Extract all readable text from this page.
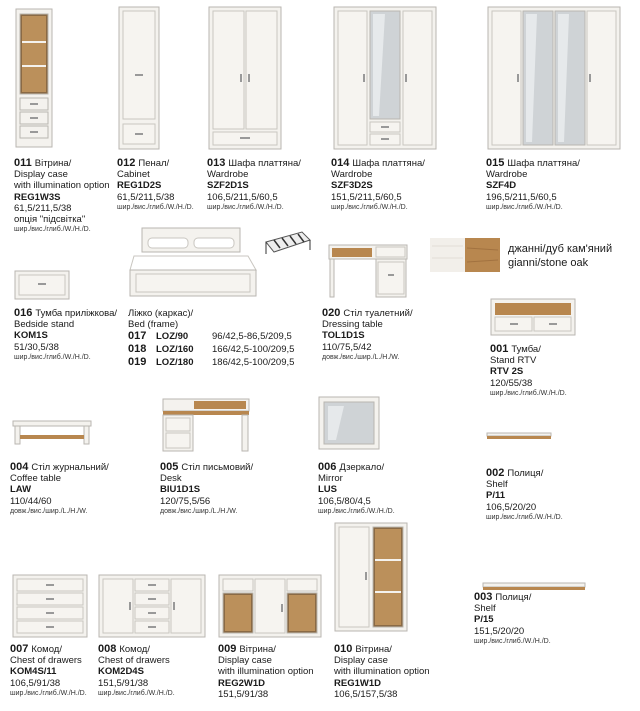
011 Вітрина/
Display case
with illumination option
REG1W3S
61,5/211,5/38
опція "підсвітка"
шир./вис./глиб./W./H./D.
012 Пенал/
Cabinet
REG1D2S
61,5/211,5/38
шир./вис./глиб./W./H./D.
013 Шафа платтяна/
Wardrobe
SZF2D1S
106,5/211,5/60,5
шир./вис./глиб./W./H./D.
014 Шафа платтяна/
Wardrobe
SZF3D2S
151,5/211,5/60,5
шир./вис./глиб./W./H./D.
015 Шафа платтяна/
Wardrobe
SZF4D
196,5/211,5/60,5
шир./вис./глиб./W./H./D.
джанні/дуб кам'яний
gianni/stone oak
016 Тумба приліжкова/
Bedside stand
KOM1S
51/30,5/38
шир./вис./глиб./W./H./D.
Ліжко (каркас)/
Bed (frame)
017 LOZ/90	96/42,5-86,5/209,5
018 LOZ/160 166/42,5-100/209,5
019 LOZ/180 186/42,5-100/209,5
020 Стіл туалетний/
Dressing table
TOL1D1S
110/75,5/42
довж./вис./шир./L./H./W.
001 Тумба/
Stand RTV
RTV 2S
120/55/38
шир./вис./глиб./W./H./D.
004 Стіл журнальний/
Coffee table
LAW
110/44/60
довж./вис./шир./L./H./W.
005 Стіл письмовий/
Desk
BIU1D1S
120/75,5/56
довж./вис./шир./L./H./W.
006 Дзеркало/
Mirror
LUS
106,5/80/4,5
шир./вис./глиб./W./H./D.
002 Полиця/
Shelf
P/11
106,5/20/20
шир./вис./глиб./W./H./D.
003 Полиця/
Shelf
P/15
151,5/20/20
шир./вис./глиб./W./H./D.
007 Комод/
Chest of drawers
KOM4S/11
106,5/91/38
шир./вис./глиб./W./H./D.
008 Комод/
Chest of drawers
KOM2D4S
151,5/91/38
шир./вис./глиб./W./H./D.
009 Вітрина/
Display case
with illumination option
REG2W1D
151,5/91/38
010 Вітрина/
Display case
with illumination option
REG1W1D
106,5/157,5/38
